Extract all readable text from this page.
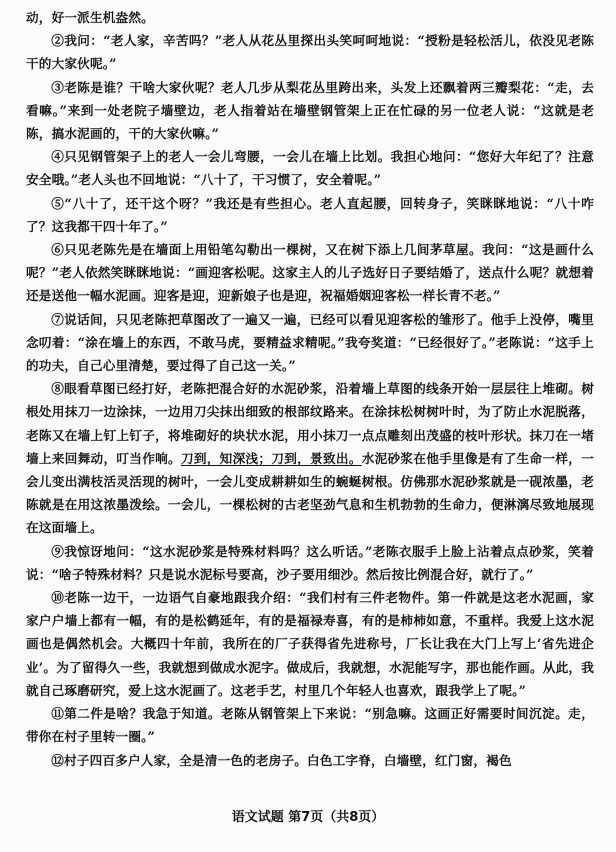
动，好一派生机盎然。

②我问：“老人家，辛苦吗？”老人从花丛里探出头笑呵呵地说：“授粉是轻松活儿，依没见老陈干的大家伙呢。”

③老陈是谁？干啥大家伙呢？老人几步从梨花丛里跨出来，头发上还飘着两三瓣梨花：“走，去看嘛。”来到一处老院子墙壁边，老人指着站在墙壁钢管架上正在忙碌的另一位老人说：“这就是老陈，搞水泥画的，干的大家伙嘛。”

④只见钢管架子上的老人一会儿弯腰，一会儿在墙上比划。我担心地问：“您好大年纪了？注意安全哦。”老人头也不回地说：“八十了，干习惯了，安全着呢。”

⑤“八十了，还干这个呀？”我还是有些担心。老人直起腰，回转身子，笑眯眯地说：“八十咋了？这我都干四十年了。”

⑥只见老陈先是在墙面上用铅笔勾勒出一棵树，又在树下添上几间茅草屋。我问：“这是画什么呢？”老人依然笑眯眯地说：“画迎客松呢。这家主人的儿子选好日子要结婚了，送点什么呢？就想着还是送他一幅水泥画。迎客是迎，迎新娘子也是迎，祝福婚姻迎客松一样长青不老。”

⑦说话间，只见老陈把草图改了一遍又一遍，已经可以看见迎客松的雏形了。他手上没停，嘴里念叨着：“涂在墙上的东西，不敢马虎，要精益求精呢。”我夸奖道：“已经很好了。”老陈说：“这手上的功夫，自己心里清楚，要过得了自己这一关。”

⑧眼看草图已经打好，老陈把混合好的水泥砂浆，沿着墙上草图的线条开始一层层往上堆砌。树根处用抹刀一边涂抹，一边用刀尖抹出细致的根部纹路来。在涂抹松树树叶时，为了防止水泥脱落，老陈又在墙上钉上钉子，将堆砌好的块状水泥，用小抹刀一点点雕刻出茂盛的枝叶形状。抹刀在一堵墙上来回舞动，叮当作响。刀到，知深浅；刀到，景致出。水泥砂浆在他手里像是有了生命一样，一会儿变出满枝活灵活现的树叶，一会儿变成耕耕如生的蜿蜒树根。仿佛那水泥砂浆就是一砚浓墨，老陈就是在用这浓墨泼绘。一会儿，一棵松树的古老坚劲气息和生机勃勃的生命力，便淋漓尽致地展现在这面墙上。

⑨我惊讶地问：“这水泥砂浆是特殊材料吗？这么听话。”老陈衣服手上脸上沾着点点砂浆，笑着说：“啥子特殊材料？只是说水泥标号要高，沙子要用细沙。然后按比例混合好，就行了。”

⑩老陈一边干，一边语气自豪地跟我介绍：“我们村有三件老物件。第一件就是这老水泥画，家家户户墙上都有一幅，有的是松鹤延年，有的是福禄寿喜，有的是柿柿如意，不重样。我爱上这水泥画也是偶然机会。大概四十年前，我所在的厂子获得省先进称号，厂长让我在大门上写上‘省先进企业’。为了留得久一些，我就想到做成水泥字。做成后，我就想，水泥能写字，那也能作画。从此，我就自己琢磨研究，爱上这水泥画了。这老手艺，村里几个年轻人也喜欢，跟我学上了呢。”

⑪第二件是啥？我急于知道。老陈从钢管架上下来说：“别急嘛。这画正好需要时间沉淀。走，带你在村子里转一圈。”

⑫村子四百多户人家，全是清一色的老房子。白色工字脊，白墙壁，红门窗，褐色

语文试题 第7页（共8页）
